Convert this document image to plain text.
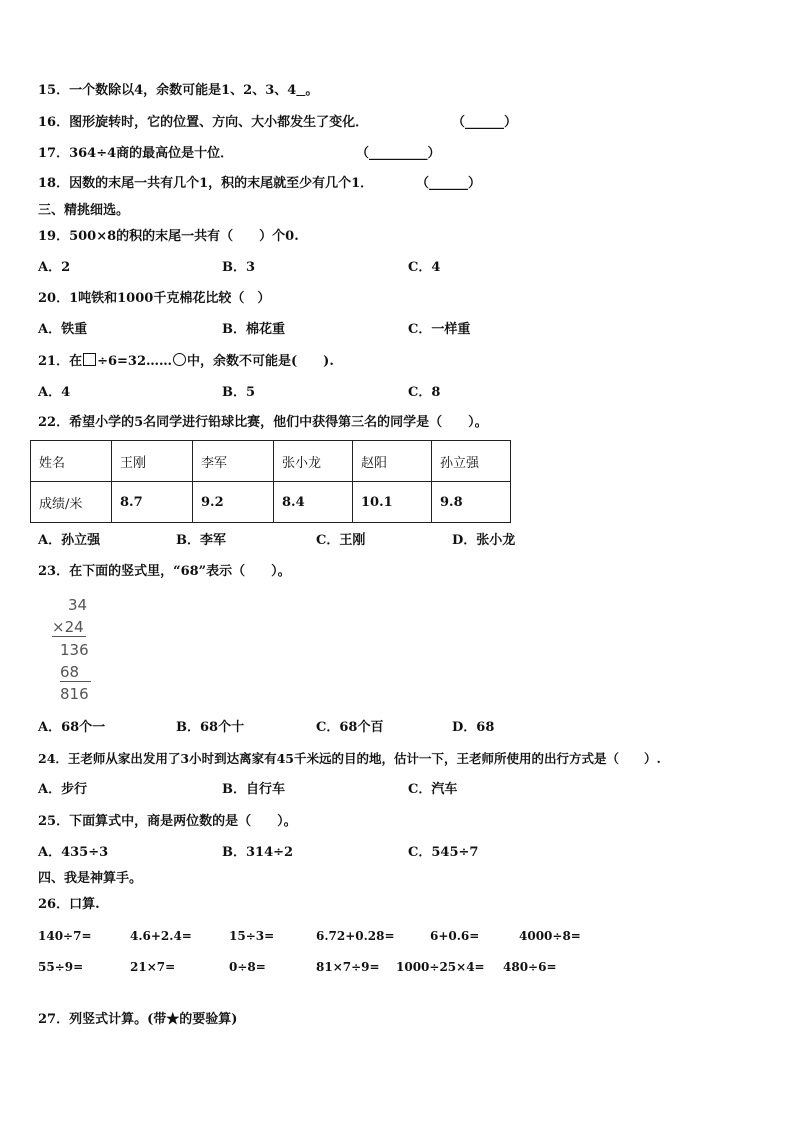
15．一个数除以4，余数可能是1、2、3、4 。
16．图形旋转时，它的位置、方向、大小都发生了变化．	（______）
17．364÷4商的最高位是十位．	（_________）
18．因数的末尾一共有几个1，积的末尾就至少有几个1．	（______）
三、精挑细选。
19．500×8的积的末尾一共有（　　）个0.
A．2	B．3	C．4
20．1吨铁和1000千克棉花比较（　）
A．铁重	B．棉花重	C．一样重
21．在 ÷6=32…… 中，余数不可能是(　　).
A．4	B．5	C．8
22．希望小学的5名同学进行铅球比赛，他们中获得第三名的同学是（　　）。
姓名	王刚	李军	张小龙	赵阳	孙立强
成绩/米	8.7	9.2	8.4	10.1	9.8
A．孙立强	B．李军	C．王刚	D．张小龙
23．在下面的竖式里，“68”表示（　　）。
34
×24
136
68
816
A．68个一	B．68个十	C．68个百	D．68
24．王老师从家出发用了3小时到达离家有45千米远的目的地，估计一下，王老师所使用的出行方式是（　　）.
A．步行	B．自行车	C．汽车
25．下面算式中，商是两位数的是（　　）。
A．435÷3	B．314÷2	C．545÷7
四、我是神算手。
26．口算.
140÷7=	4.6+2.4=	15÷3=	6.72+0.28=	6+0.6=	4000÷8=
55÷9=	21×7=	0÷8=	81×7÷9= 1000÷25×4= 480÷6=
27．列竖式计算。(带★的要验算)
